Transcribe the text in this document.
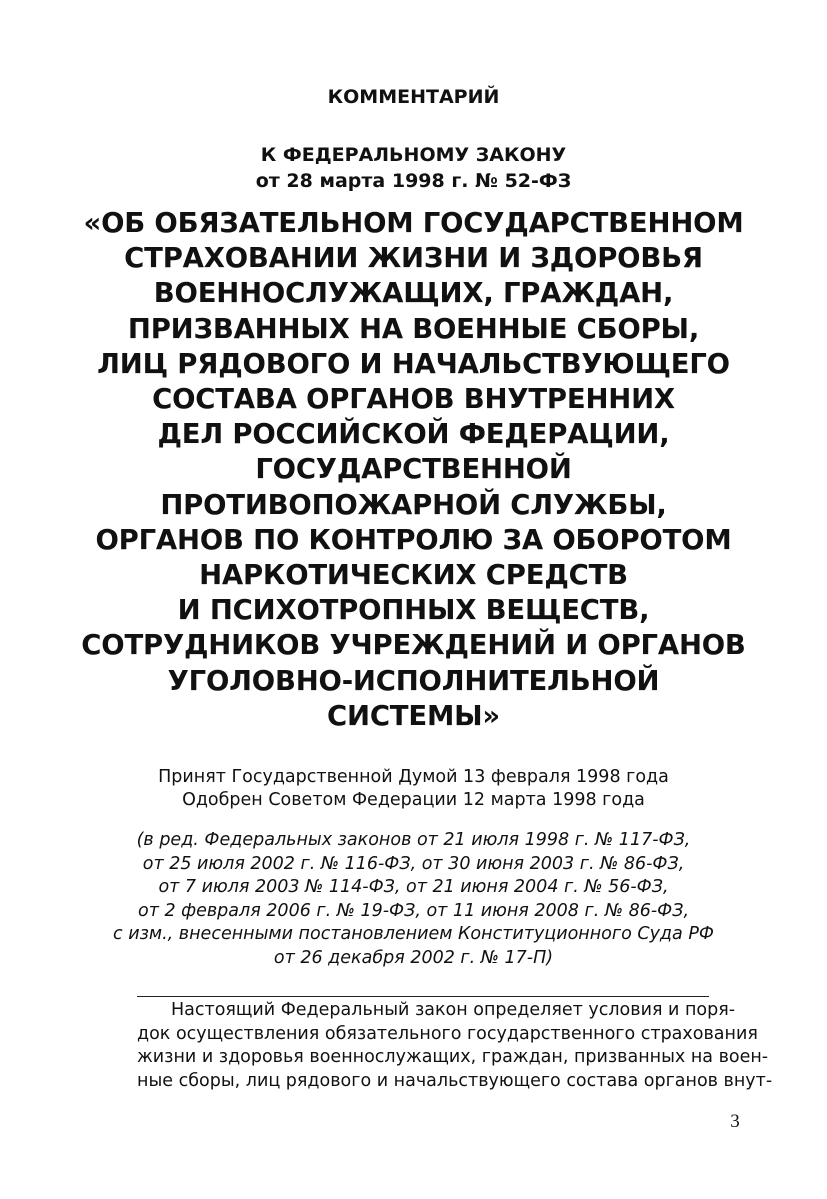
КОММЕНТАРИЙ
К ФЕДЕРАЛЬНОМУ ЗАКОНУ
от 28 марта 1998 г. № 52-ФЗ
«ОБ ОБЯЗАТЕЛЬНОМ ГОСУДАРСТВЕННОМ
СТРАХОВАНИИ ЖИЗНИ И ЗДОРОВЬЯ
ВОЕННОСЛУЖАЩИХ, ГРАЖДАН,
ПРИЗВАННЫХ НА ВОЕННЫЕ СБОРЫ,
ЛИЦ РЯДОВОГО И НАЧАЛЬСТВУЮЩЕГО
СОСТАВА ОРГАНОВ ВНУТРЕННИХ
ДЕЛ РОССИЙСКОЙ ФЕДЕРАЦИИ,
ГОСУДАРСТВЕННОЙ
ПРОТИВОПОЖАРНОЙ СЛУЖБЫ,
ОРГАНОВ ПО КОНТРОЛЮ ЗА ОБОРОТОМ
НАРКОТИЧЕСКИХ СРЕДСТВ
И ПСИХОТРОПНЫХ ВЕЩЕСТВ,
СОТРУДНИКОВ УЧРЕЖДЕНИЙ И ОРГАНОВ
УГОЛОВНО-ИСПОЛНИТЕЛЬНОЙ
СИСТЕМЫ»
Принят Государственной Думой 13 февраля 1998 года
Одобрен Советом Федерации 12 марта 1998 года
(в ред. Федеральных законов от 21 июля 1998 г. № 117-ФЗ,
от 25 июля 2002 г. № 116-ФЗ, от 30 июня 2003 г. № 86-ФЗ,
от 7 июля 2003 № 114-ФЗ, от 21 июня 2004 г. № 56-ФЗ,
от 2 февраля 2006 г. № 19-ФЗ, от 11 июня 2008 г. № 86-ФЗ,
с изм., внесенными постановлением Конституционного Суда РФ
от 26 декабря 2002 г. № 17-П)
Настоящий Федеральный закон определяет условия и поря-
док осуществления обязательного государственного страхования
жизни и здоровья военнослужащих, граждан, призванных на воен-
ные сборы, лиц рядового и начальствующего состава органов внут-
3
